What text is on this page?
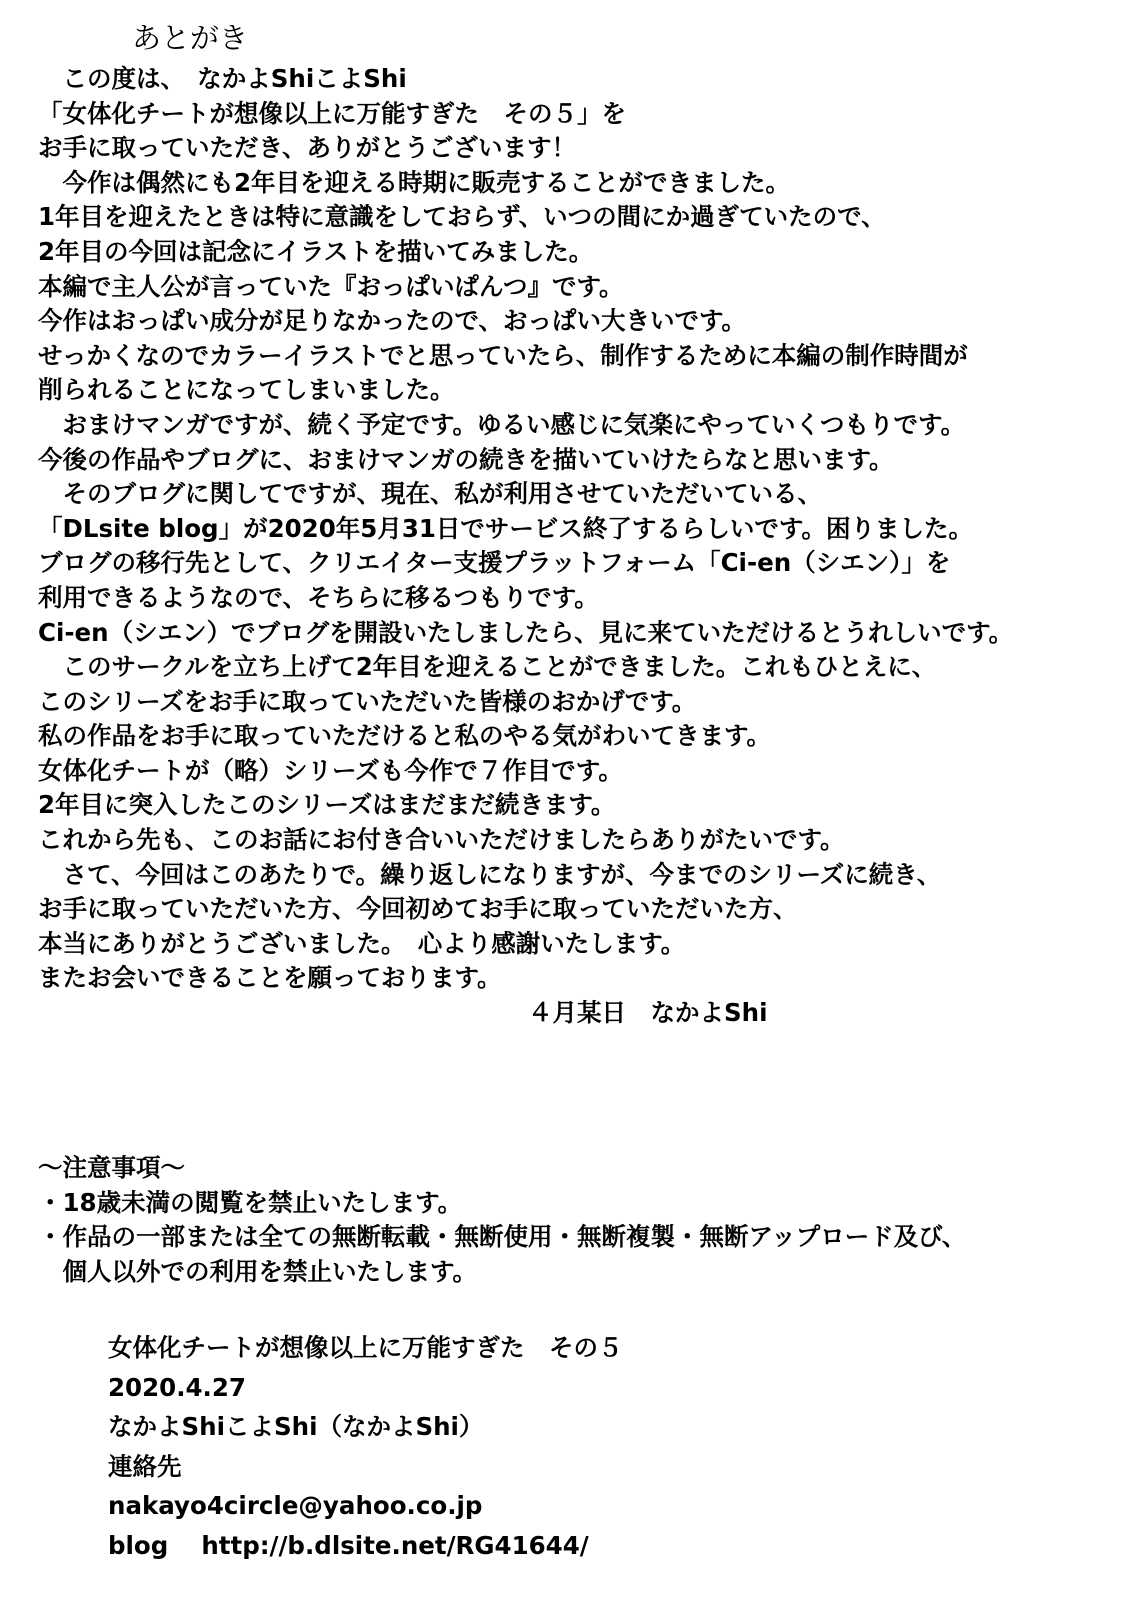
あとがき
　この度は、　なかよShiこよShi
「女体化チートが想像以上に万能すぎた　その５」を
お手に取っていただき、ありがとうございます！
　今作は偶然にも2年目を迎える時期に販売することができました。
1年目を迎えたときは特に意識をしておらず、いつの間にか過ぎていたので、
2年目の今回は記念にイラストを描いてみました。
本編で主人公が言っていた『おっぱいぱんつ』です。
今作はおっぱい成分が足りなかったので、おっぱい大きいです。
せっかくなのでカラーイラストでと思っていたら、制作するために本編の制作時間が
削られることになってしまいました。
　おまけマンガですが、続く予定です。ゆるい感じに気楽にやっていくつもりです。
今後の作品やブログに、おまけマンガの続きを描いていけたらなと思います。
　そのブログに関してですが、現在、私が利用させていただいている、
「DLsite blog」が2020年5月31日でサービス終了するらしいです。困りました。
ブログの移行先として、クリエイター支援プラットフォーム「Ci-en（シエン）」を
利用できるようなので、そちらに移るつもりです。
Ci-en（シエン）でブログを開設いたしましたら、見に来ていただけるとうれしいです。
　このサークルを立ち上げて2年目を迎えることができました。これもひとえに、
このシリーズをお手に取っていただいた皆様のおかげです。
私の作品をお手に取っていただけると私のやる気がわいてきます。
女体化チートが（略）シリーズも今作で７作目です。
2年目に突入したこのシリーズはまだまだ続きます。
これから先も、このお話にお付き合いいただけましたらありがたいです。
　さて、今回はこのあたりで。繰り返しになりますが、今までのシリーズに続き、
お手に取っていただいた方、今回初めてお手に取っていただいた方、
本当にありがとうございました。　心より感謝いたします。
またお会いできることを願っております。
　　　　　　　　　　　　　　　　　　　　４月某日　なかよShi
〜注意事項〜
・18歳未満の閲覧を禁止いたします。
・作品の一部または全ての無断転載・無断使用・無断複製・無断アップロード及び、
　個人以外での利用を禁止いたします。
女体化チートが想像以上に万能すぎた　その５
2020.4.27
なかよShiこよShi（なかよShi）
連絡先
nakayo4circle@yahoo.co.jp
blog　 http://b.dlsite.net/RG41644/
